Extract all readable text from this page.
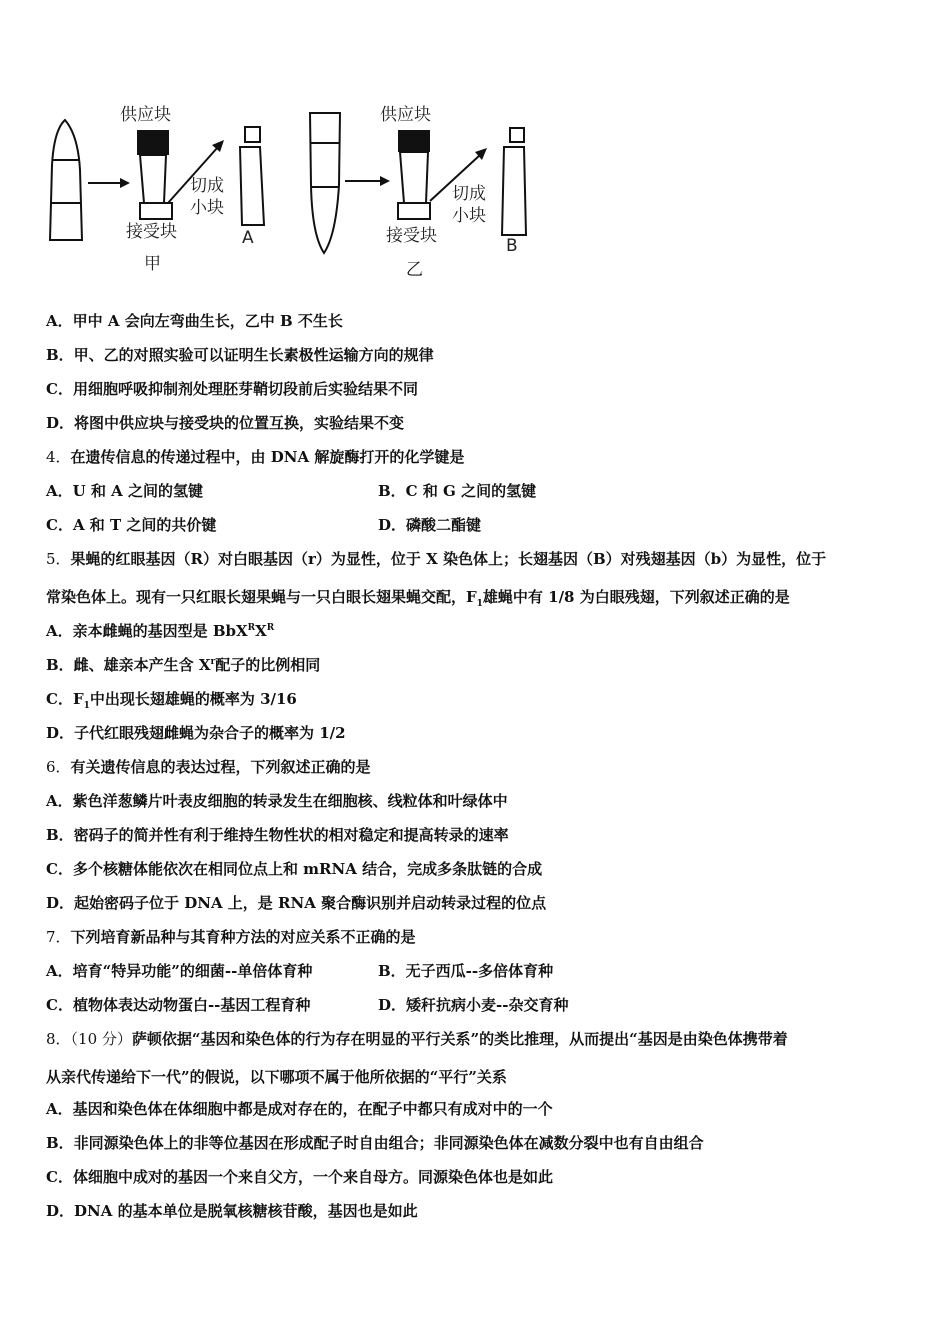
供应块
切成
小块
接受块
甲
A
供应块
切成
小块
接受块
乙
B
A．甲中 A 会向左弯曲生长，乙中 B 不生长
B．甲、乙的对照实验可以证明生长素极性运输方向的规律
C．用细胞呼吸抑制剂处理胚芽鞘切段前后实验结果不同
D．将图中供应块与接受块的位置互换，实验结果不变
4．在遗传信息的传递过程中，由 DNA 解旋酶打开的化学键是
A．U 和 A 之间的氢键	B．C 和 G 之间的氢键
C．A 和 T 之间的共价键	D．磷酸二酯键
5．果蝇的红眼基因（R）对白眼基因（r）为显性，位于 X 染色体上；长翅基因（B）对残翅基因（b）为显性，位于
常染色体上。现有一只红眼长翅果蝇与一只白眼长翅果蝇交配，$F_1$雄蝇中有 1/8 为白眼残翅，下列叙述正确的是
A．亲本雌蝇的基因型是 $BbX^RX^R$
B．雌、雄亲本产生含 $X^r$配子的比例相同
C．$F_1$中出现长翅雄蝇的概率为 3/16
D．子代红眼残翅雌蝇为杂合子的概率为 1/2
6．有关遗传信息的表达过程，下列叙述正确的是
A．紫色洋葱鳞片叶表皮细胞的转录发生在细胞核、线粒体和叶绿体中
B．密码子的简并性有利于维持生物性状的相对稳定和提高转录的速率
C．多个核糖体能依次在相同位点上和 mRNA 结合，完成多条肽链的合成
D．起始密码子位于 DNA 上，是 RNA 聚合酶识别并启动转录过程的位点
7．下列培育新品种与其育种方法的对应关系不正确的是
A．培育“特异功能”的细菌--单倍体育种	B．无子西瓜--多倍体育种
C．植物体表达动物蛋白--基因工程育种	D．矮秆抗病小麦--杂交育种
8．（10 分）萨顿依据“基因和染色体的行为存在明显的平行关系”的类比推理，从而提出“基因是由染色体携带着
从亲代传递给下一代”的假说，以下哪项不属于他所依据的“平行”关系
A．基因和染色体在体细胞中都是成对存在的，在配子中都只有成对中的一个
B．非同源染色体上的非等位基因在形成配子时自由组合；非同源染色体在减数分裂中也有自由组合
C．体细胞中成对的基因一个来自父方，一个来自母方。同源染色体也是如此
D．DNA 的基本单位是脱氧核糖核苷酸，基因也是如此
